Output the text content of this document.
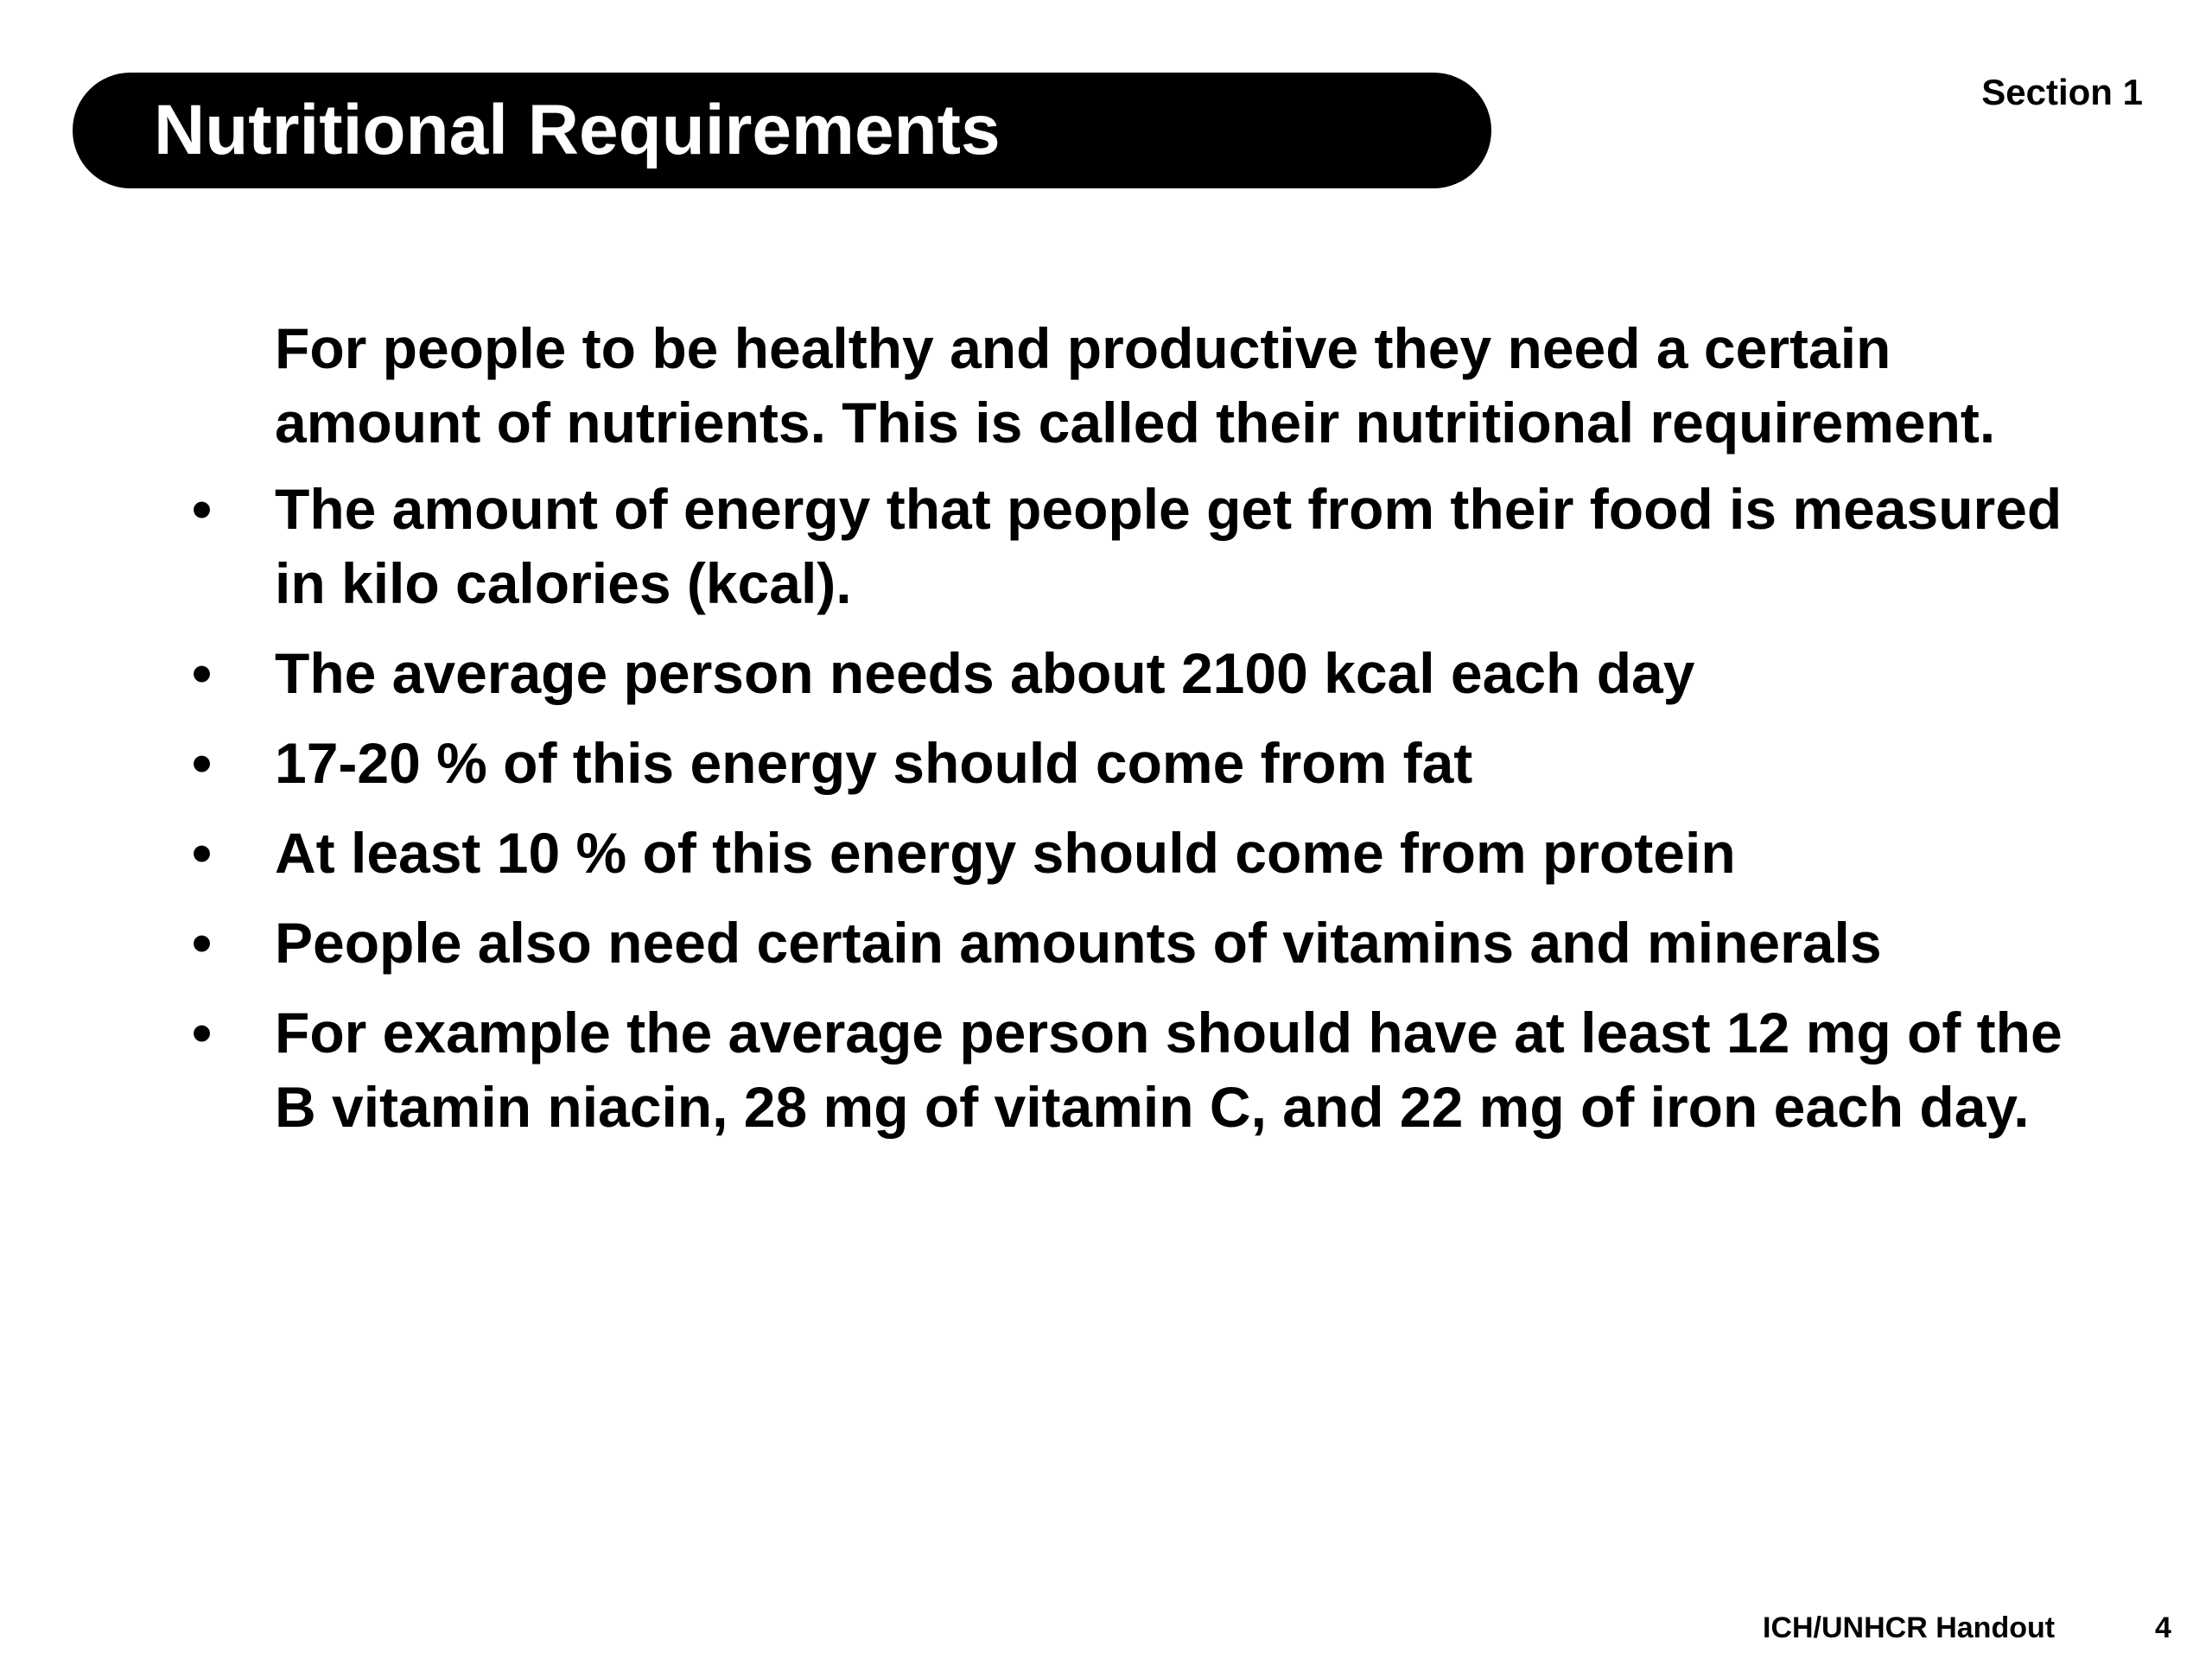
Nutritional Requirements	Section 1

For people to be healthy and productive they need a certain amount of nutrients. This is called their nutritional requirement.

•	The amount of energy that people get from their food is measured in kilo calories (kcal).
•	The average person needs about 2100 kcal each day
•	17-20 % of this energy should come from fat
•	At least 10 % of this energy should come from protein
•	People also need certain amounts of vitamins and minerals
•	For example the average person should have at least 12 mg of the B vitamin niacin, 28 mg of vitamin C, and 22 mg of iron each day.
ICH/UNHCR Handout	4
